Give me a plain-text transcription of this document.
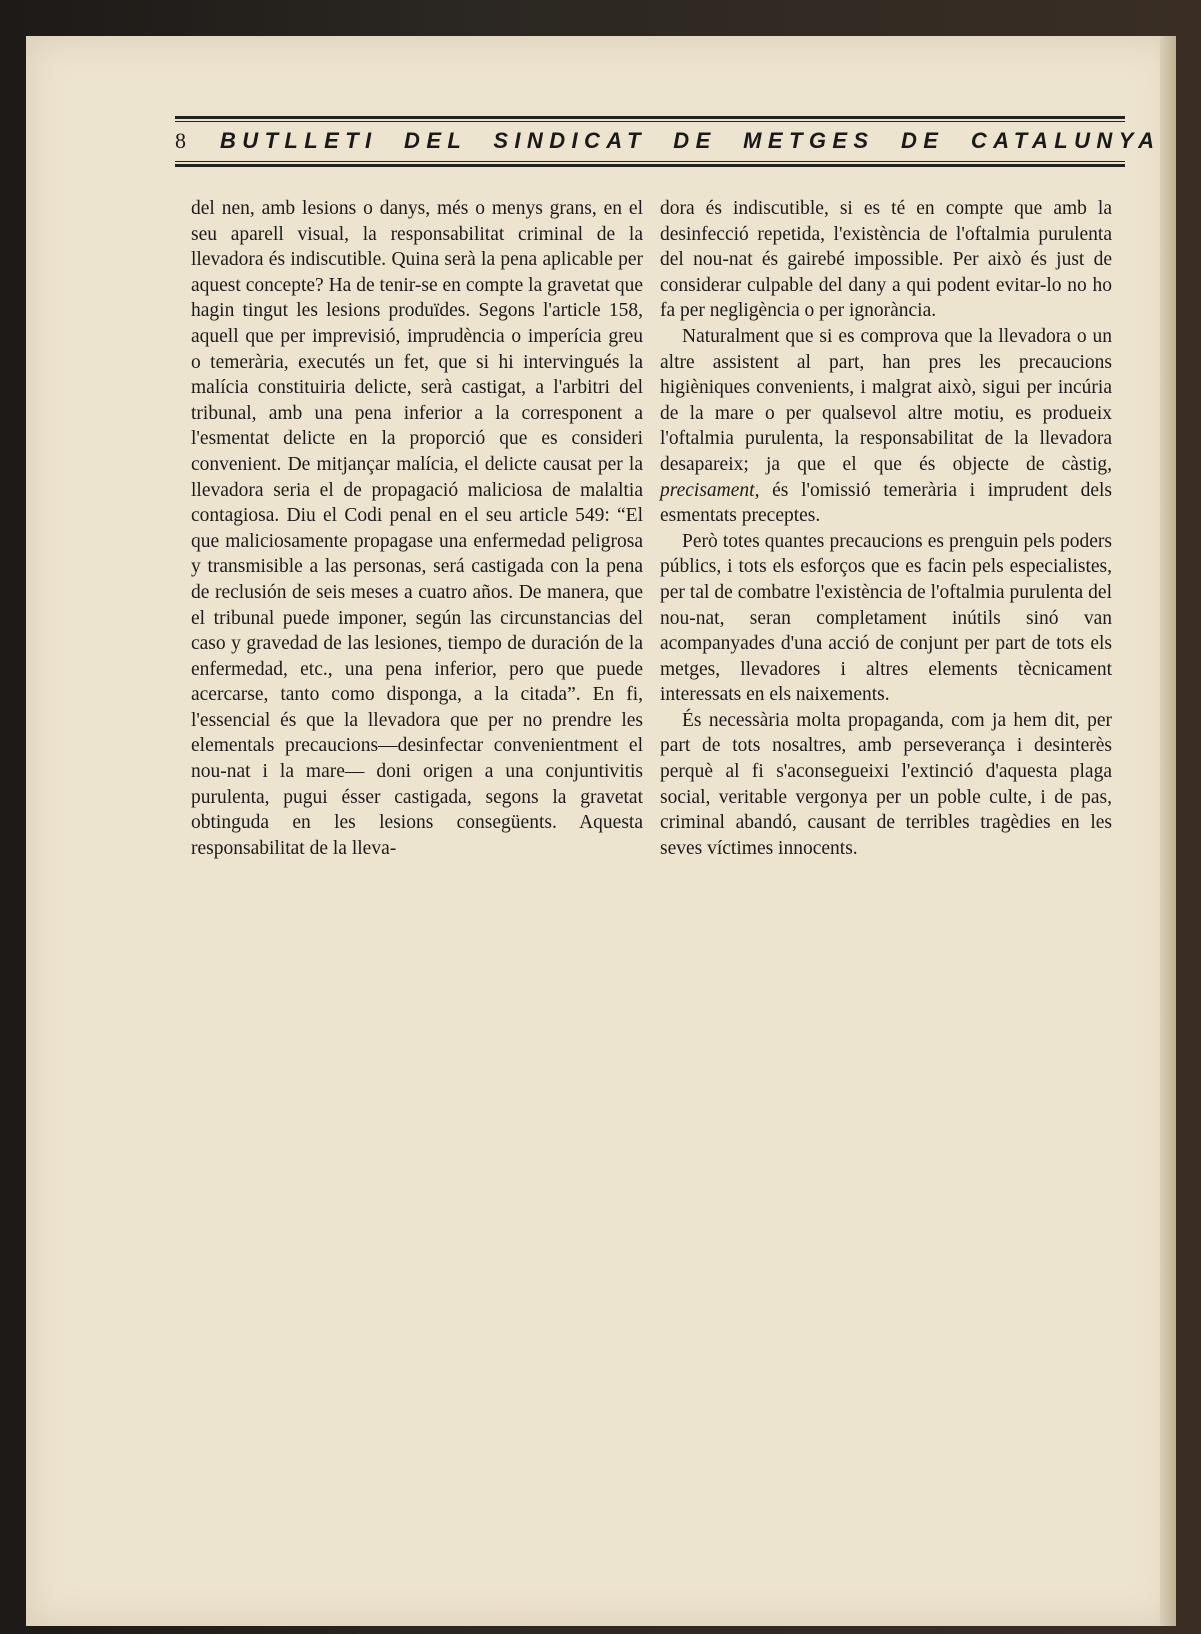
8 BUTLLETI DEL SINDICAT DE METGES DE CATALUNYA

del nen, amb lesions o danys, més o menys grans, en el seu aparell visual, la responsabilitat criminal de la llevadora és indiscutible. Quina serà la pena aplicable per aquest concepte? Ha de tenir-se en compte la gravetat que hagin tingut les lesions produïdes. Segons l'article 158, aquell que per imprevisió, imprudència o imperícia greu o temerària, executés un fet, que si hi intervingués la malícia constituiria delicte, serà castigat, a l'arbitri del tribunal, amb una pena inferior a la corresponent a l'esmentat delicte en la proporció que es consideri convenient. De mitjançar malícia, el delicte causat per la llevadora seria el de propagació maliciosa de malaltia contagiosa. Diu el Codi penal en el seu article 549: “El que maliciosamente propagase una enfermedad peligrosa y transmisible a las personas, será castigada con la pena de reclusión de seis meses a cuatro años. De manera, que el tribunal puede imponer, según las circunstancias del caso y gravedad de las lesiones, tiempo de duración de la enfermedad, etc., una pena inferior, pero que puede acercarse, tanto como disponga, a la citada”. En fi, l'essencial és que la llevadora que per no prendre les elementals precaucions—desinfectar convenientment el nou-nat i la mare— doni origen a una conjuntivitis purulenta, pugui ésser castigada, segons la gravetat obtinguda en les lesions consegüents. Aquesta responsabilitat de la lleva-

dora és indiscutible, si es té en compte que amb la desinfecció repetida, l'existència de l'oftalmia purulenta del nou-nat és gairebé impossible. Per això és just de considerar culpable del dany a qui podent evitar-lo no ho fa per negligència o per ignorància.

Naturalment que si es comprova que la llevadora o un altre assistent al part, han pres les precaucions higièniques convenients, i malgrat això, sigui per incúria de la mare o per qualsevol altre motiu, es produeix l'oftalmia purulenta, la responsabilitat de la llevadora desapareix; ja que el que és objecte de càstig, precisament, és l'omissió temerària i imprudent dels esmentats preceptes.

Però totes quantes precaucions es prenguin pels poders públics, i tots els esforços que es facin pels especialistes, per tal de combatre l'existència de l'oftalmia purulenta del nou-nat, seran completament inútils sinó van acompanyades d'una acció de conjunt per part de tots els metges, llevadores i altres elements tècnicament interessats en els naixements.

És necessària molta propaganda, com ja hem dit, per part de tots nosaltres, amb perseverança i desinterès perquè al fi s'aconsegueixi l'extinció d'aquesta plaga social, veritable vergonya per un poble culte, i de pas, criminal abandó, causant de terribles tragèdies en les seves víctimes innocents.
